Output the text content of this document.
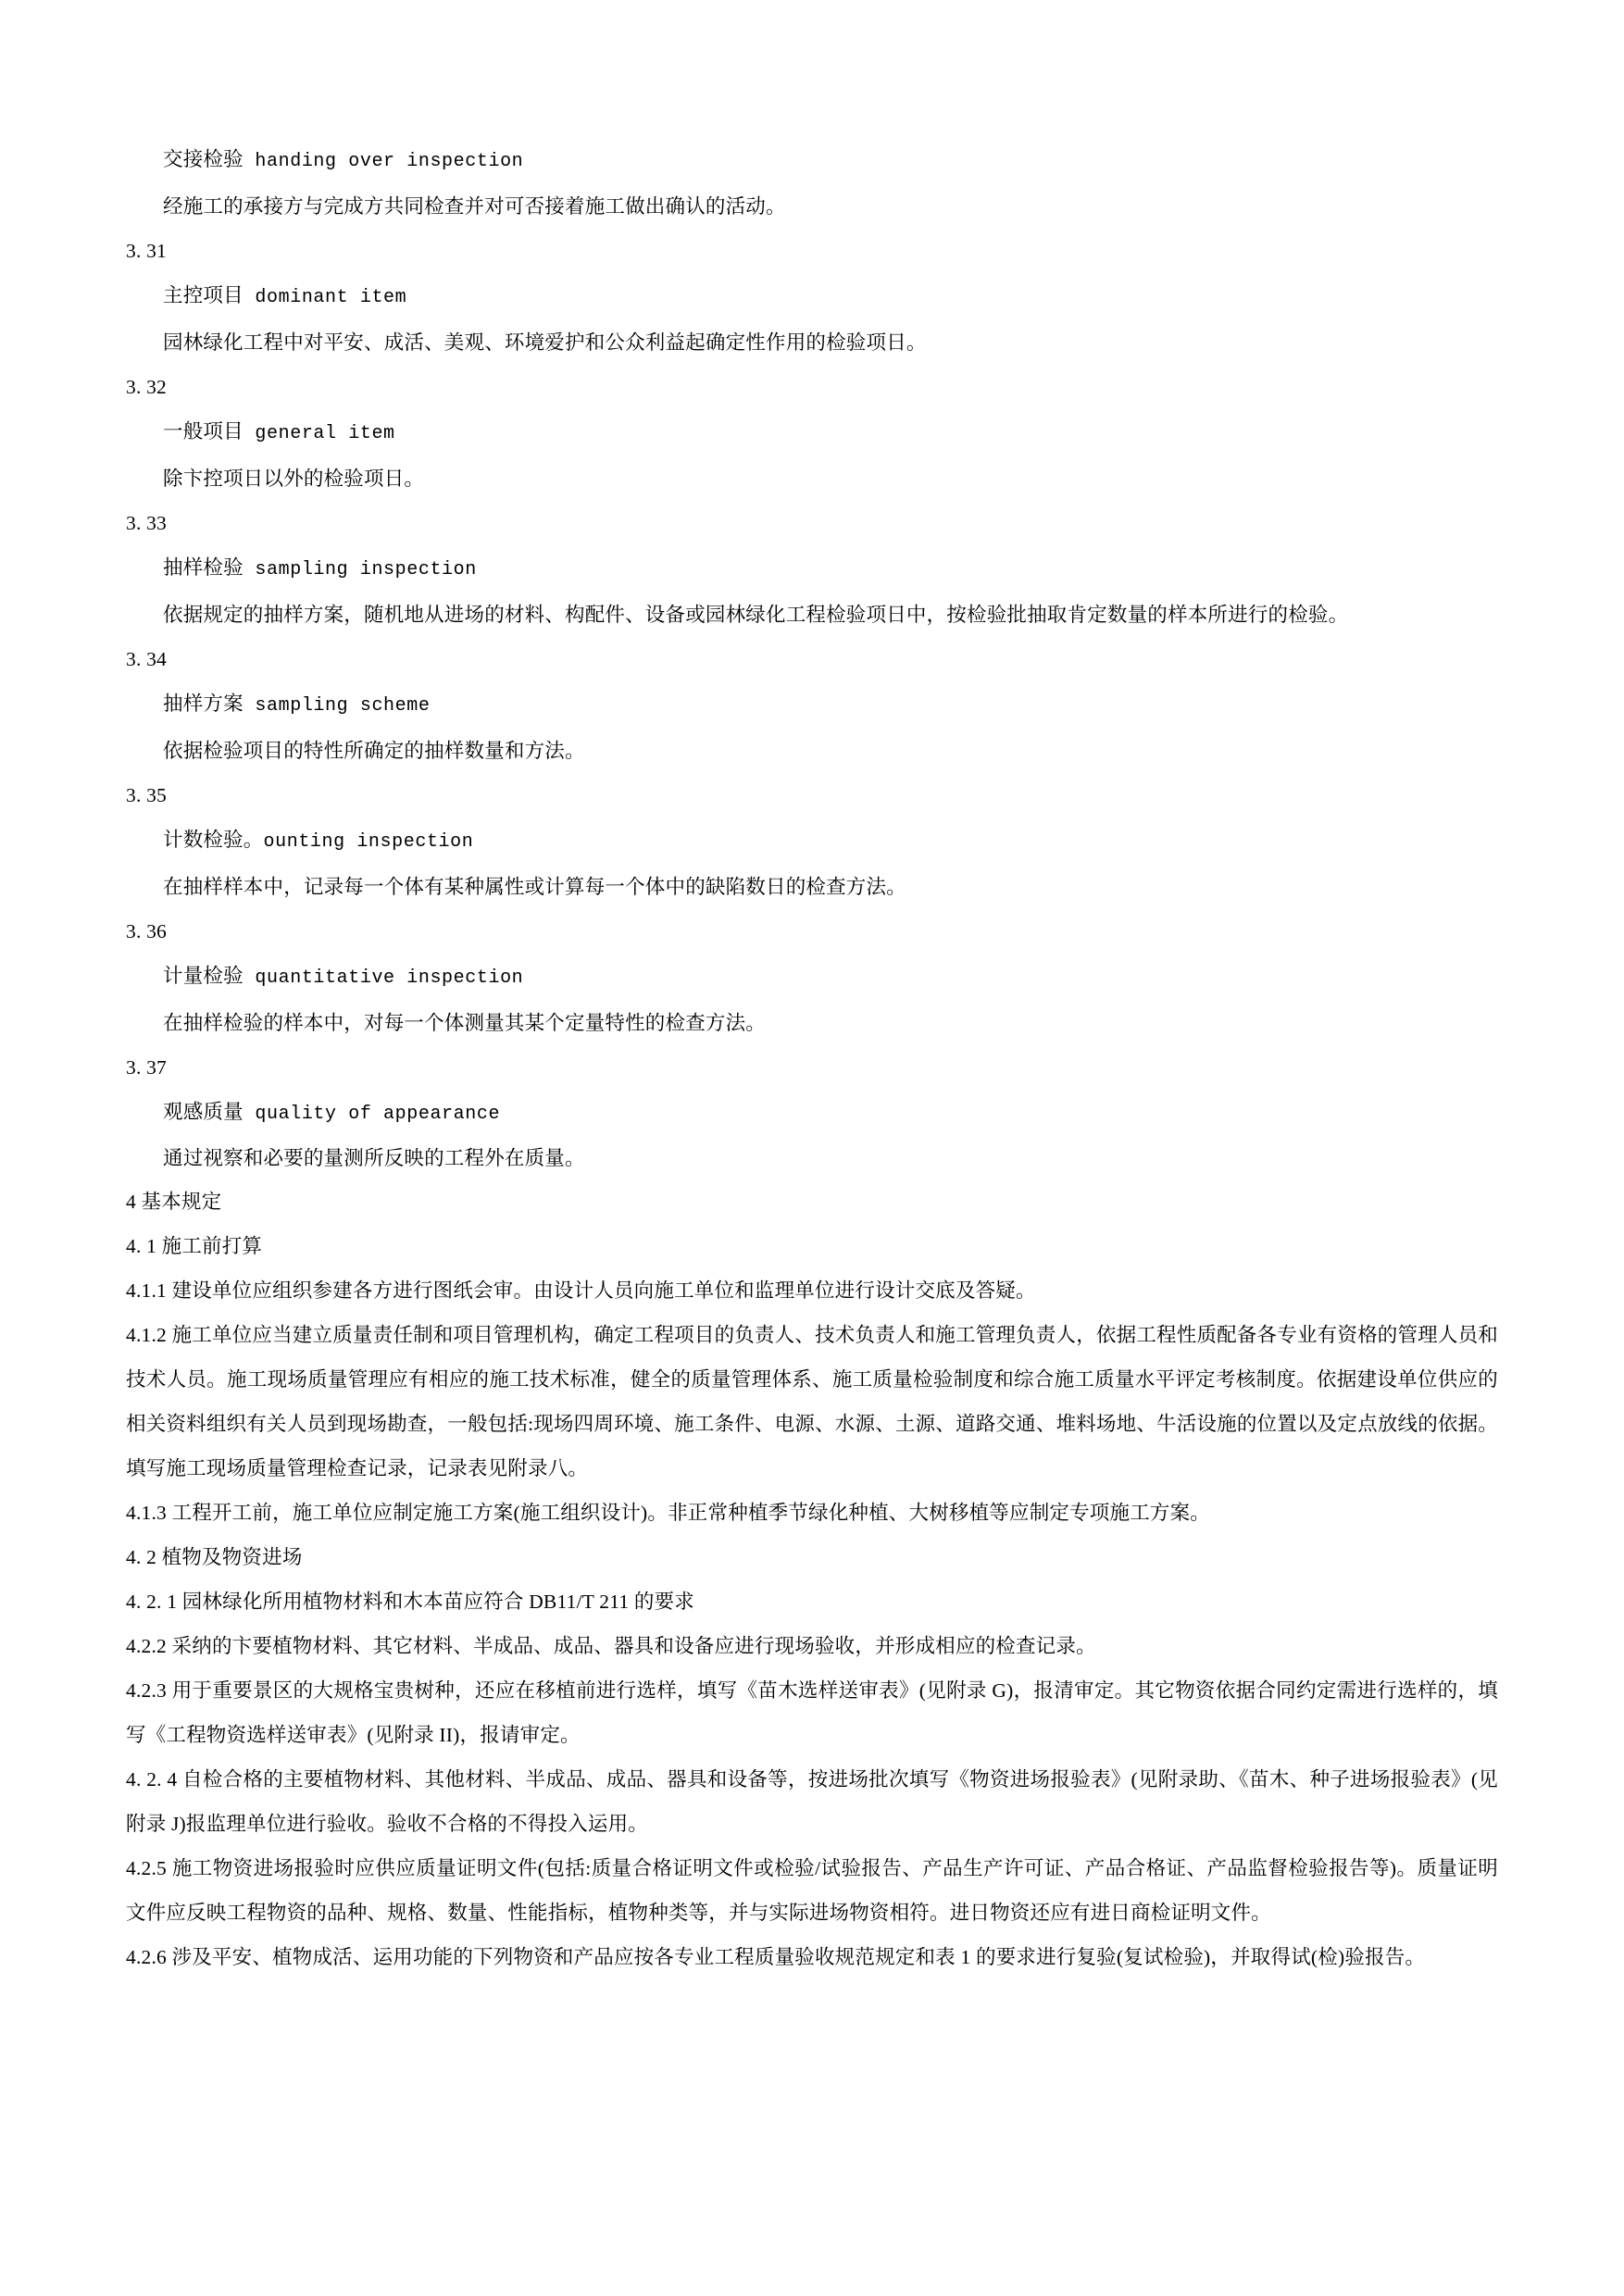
交接检验 handing over inspection
经施工的承接方与完成方共同检查并对可否接着施工做出确认的活动。
3. 31
主控项目 dominant item
园林绿化工程中对平安、成活、美观、环境爱护和公众利益起确定性作用的检验项日。
3. 32
一般项目 general item
除卞控项日以外的检验项日。
3. 33
抽样检验 sampling inspection
依据规定的抽样方案，随机地从进场的材料、构配件、设备或园林绿化工程检验项日中，按检验批抽取肯定数量的样本所进行的检验。
3. 34
抽样方案 sampling scheme
依据检验项目的特性所确定的抽样数量和方法。
3. 35
计数检验。ounting inspection
在抽样样本中，记录每一个体有某种属性或计算每一个体中的缺陷数日的检查方法。
3. 36
计量检验 quantitative inspection
在抽样检验的样本中，对每一个体测量其某个定量特性的检查方法。
3. 37
观感质量 quality of appearance
通过视察和必要的量测所反映的工程外在质量。
4 基本规定
4. 1 施工前打算
4.1.1 建设单位应组织参建各方进行图纸会审。由设计人员向施工单位和监理单位进行设计交底及答疑。
4.1.2 施工单位应当建立质量责任制和项目管理机构，确定工程项目的负责人、技术负责人和施工管理负责人，依据工程性质配备各专业有资格的管理人员和技术人员。施工现场质量管理应有相应的施工技术标准，健全的质量管理体系、施工质量检验制度和综合施工质量水平评定考核制度。依据建设单位供应的相关资料组织有关人员到现场勘查，一般包括:现场四周环境、施工条件、电源、水源、土源、道路交通、堆料场地、牛活设施的位置以及定点放线的依据。填写施工现场质量管理检查记录，记录表见附录八。
4.1.3 工程开工前，施工单位应制定施工方案(施工组织设计)。非正常种植季节绿化种植、大树移植等应制定专项施工方案。
4. 2 植物及物资进场
4. 2. 1 园林绿化所用植物材料和木本苗应符合 DB11/T 211 的要求
4.2.2 采纳的卞要植物材料、其它材料、半成品、成品、器具和设备应进行现场验收，并形成相应的检查记录。
4.2.3 用于重要景区的大规格宝贵树种，还应在移植前进行选样，填写《苗木选样送审表》(见附录 G)，报清审定。其它物资依据合同约定需进行选样的，填写《工程物资选样送审表》(见附录 II)，报请审定。
4. 2. 4 自检合格的主要植物材料、其他材料、半成品、成品、器具和设备等，按进场批次填写《物资进场报验表》(见附录助、《苗木、种子进场报验表》(见附录 J)报监理单位进行验收。验收不合格的不得投入运用。
4.2.5 施工物资进场报验时应供应质量证明文件(包括:质量合格证明文件或检验/试验报告、产品生产许可证、产品合格证、产品监督检验报告等)。质量证明文件应反映工程物资的品种、规格、数量、性能指标，植物种类等，并与实际进场物资相符。进日物资还应有进日商检证明文件。
4.2.6 涉及平安、植物成活、运用功能的下列物资和产品应按各专业工程质量验收规范规定和表 1 的要求进行复验(复试检验)，并取得试(检)验报告。
